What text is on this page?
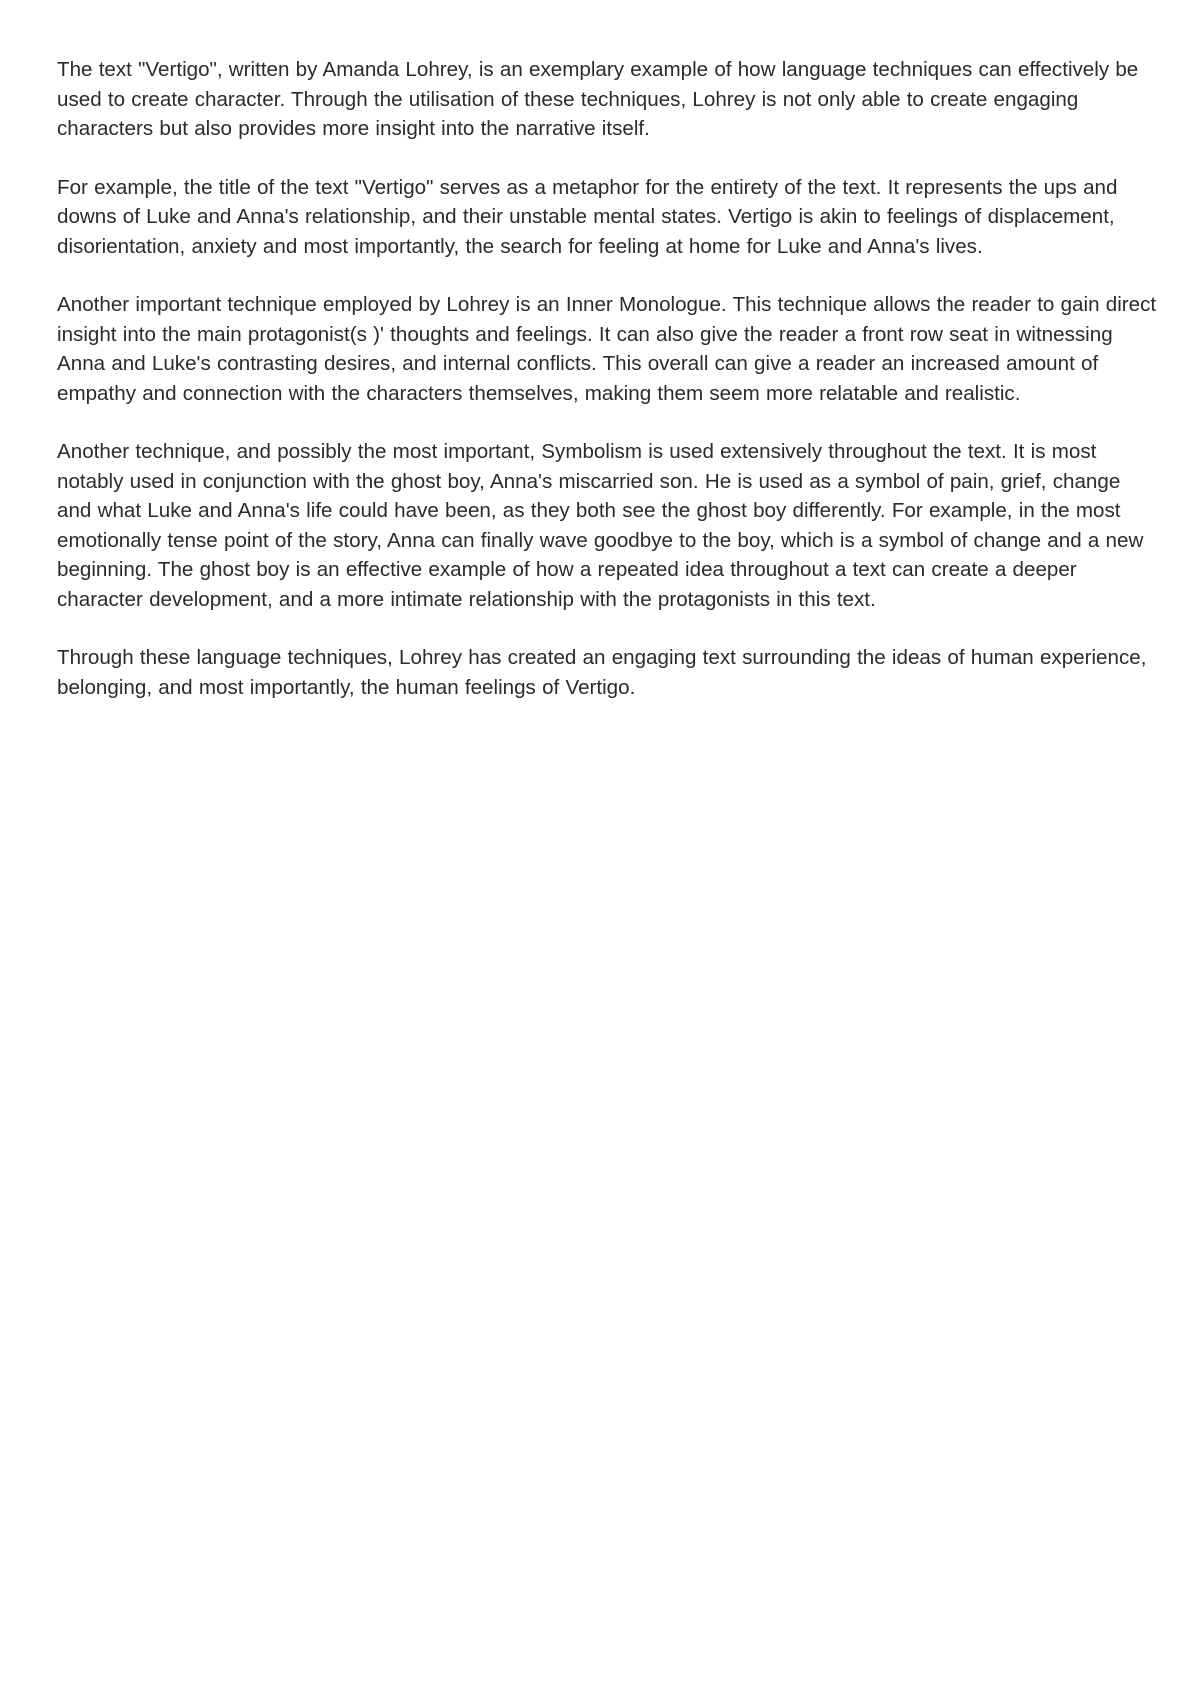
The text "Vertigo", written by Amanda Lohrey, is an exemplary example of how language techniques can effectively be used to create character. Through the utilisation of these techniques, Lohrey is not only able to create engaging characters but also provides more insight into the narrative itself.

For example, the title of the text "Vertigo" serves as a metaphor for the entirety of the text. It represents the ups and downs of Luke and Anna's relationship, and their unstable mental states. Vertigo is akin to feelings of displacement, disorientation, anxiety and most importantly, the search for feeling at home for Luke and Anna's lives.

Another important technique employed by Lohrey is an Inner Monologue. This technique allows the reader to gain direct insight into the main protagonist(s )' thoughts and feelings. It can also give the reader a front row seat in witnessing Anna and Luke's contrasting desires, and internal conflicts. This overall can give a reader an increased amount of empathy and connection with the characters themselves, making them seem more relatable and realistic.

Another technique, and possibly the most important, Symbolism is used extensively throughout the text. It is most notably used in conjunction with the ghost boy, Anna's miscarried son. He is used as a symbol of pain, grief, change and what Luke and Anna's life could have been, as they both see the ghost boy differently. For example, in the most emotionally tense point of the story, Anna can finally wave goodbye to the boy, which is a symbol of change and a new beginning. The ghost boy is an effective example of how a repeated idea throughout a text can create a deeper character development, and a more intimate relationship with the protagonists in this text.

Through these language techniques, Lohrey has created an engaging text surrounding the ideas of human experience, belonging, and most importantly, the human feelings of Vertigo.
